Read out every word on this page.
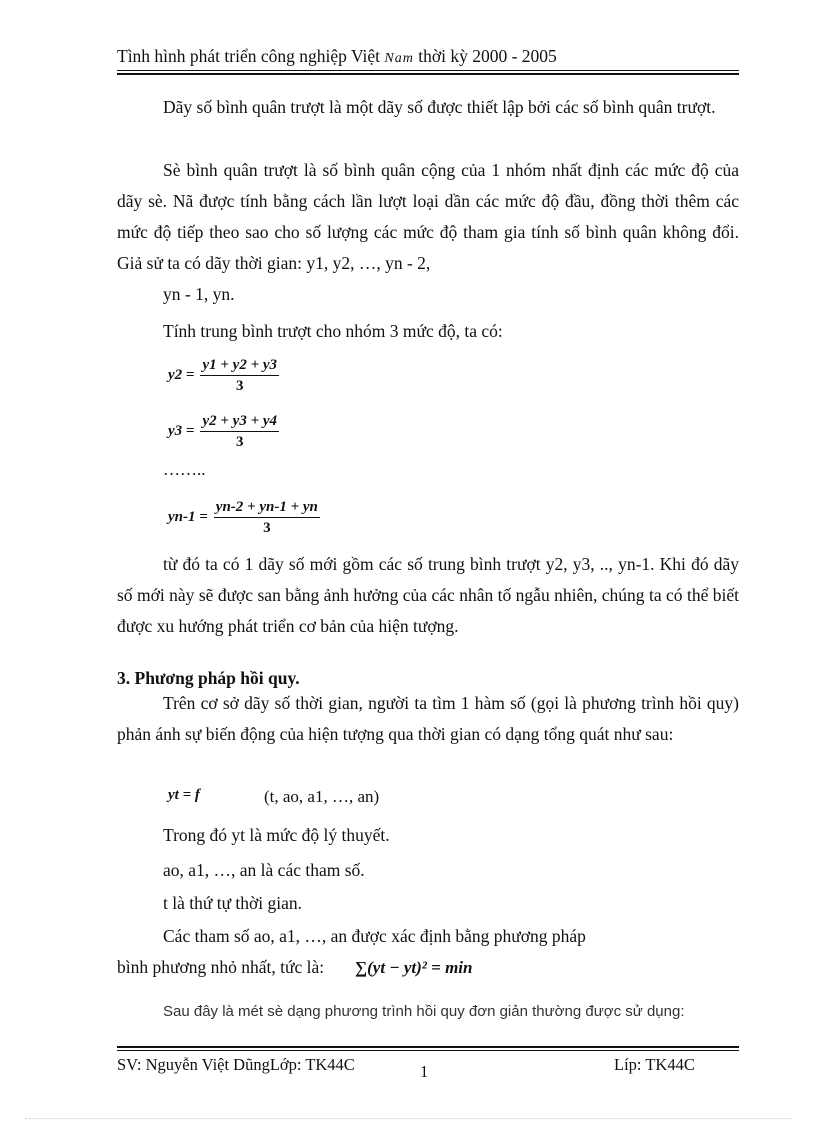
Tình hình phát triển công nghiệp Việt Nam thời kỳ 2000 - 2005
Dãy số bình quân trượt là một dãy số được thiết lập bởi các số bình quân trượt.
Sè bình quân trượt là số bình quân cộng của 1 nhóm nhất định các mức độ của dãy sè. Nã được tính bằng cách lần lượt loại dần các mức độ đầu, đồng thời thêm các mức độ tiếp theo sao cho số lượng các mức độ tham gia tính số bình quân không đổi. Giả sử ta có dãy thời gian: y1, y2, …, yn - 2,
yn - 1, yn.
Tính trung bình trượt cho nhóm 3 mức độ, ta có:
$y2 = \frac{y1 + y2 + y3}{3}$
$y3 = \frac{y2 + y3 + y4}{3}$
……..
$yn-1 = \frac{yn-2 + yn-1 + yn}{3}$
từ đó ta có 1 dãy số mới gồm các số trung bình trượt y2, y3, .., yn-1. Khi đó dãy số mới này sẽ được san bằng ảnh hưởng của các nhân tố ngẫu nhiên, chúng ta có thể biết được xu hướng phát triển cơ bản của hiện tượng.
3. Phương pháp hồi quy.
Trên cơ sở dãy số thời gian, người ta tìm 1 hàm số (gọi là phương trình hồi quy) phản ánh sự biến động của hiện tượng qua thời gian có dạng tổng quát như sau:
yt = f	(t, ao, a1, …, an)
Trong đó yt là mức độ lý thuyết.
ao, a1, …, an là các tham số.
t là thứ tự thời gian.
Các tham số ao, a1, …, an được xác định bằng phương pháp bình phương nhỏ nhất, tức là:	∑(yt − yt)² = min
Sau đây là mét sè dạng phương trình hồi quy đơn giản thường được sử dụng:
SV: Nguyễn Việt DũngLớp: TK44C	1	Líp: TK44C
